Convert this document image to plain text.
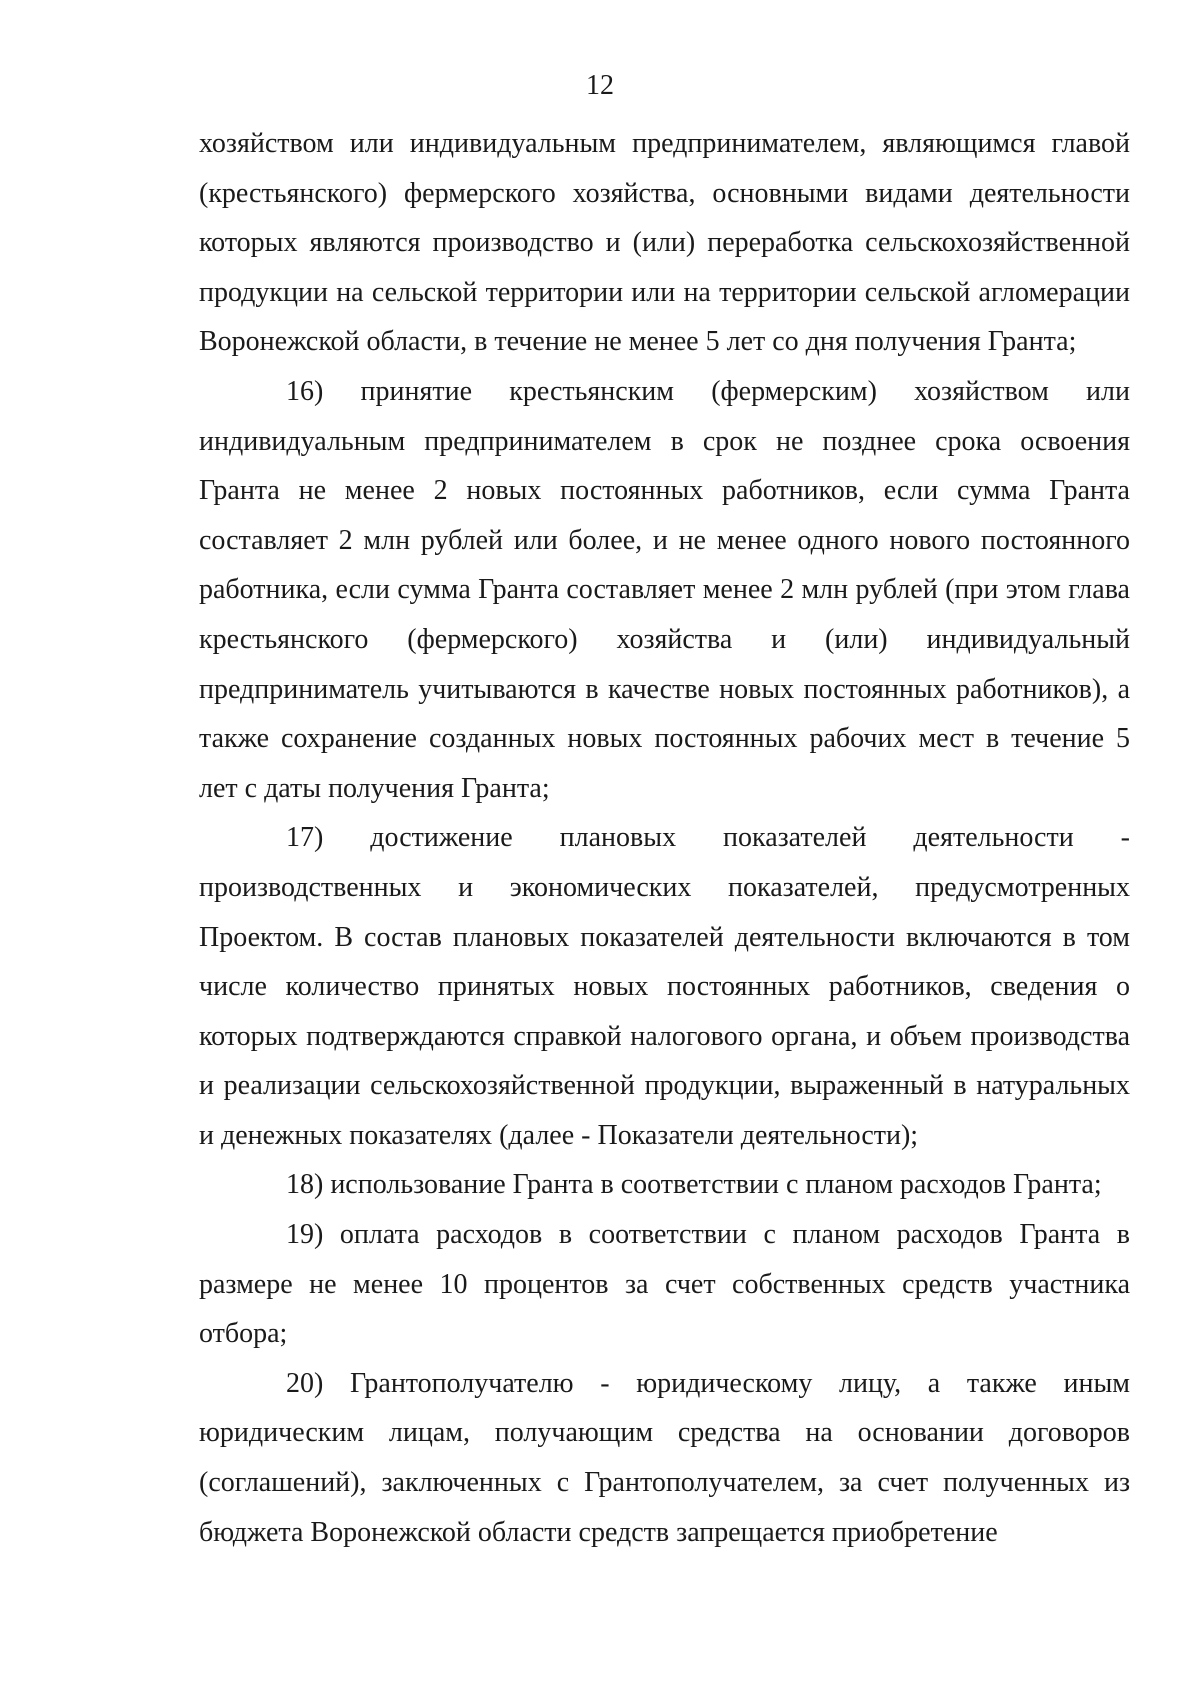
12

хозяйством или индивидуальным предпринимателем, являющимся главой (крестьянского) фермерского хозяйства, основными видами деятельности которых являются производство и (или) переработка сельскохозяйственной продукции на сельской территории или на территории сельской агломерации Воронежской области, в течение не менее 5 лет со дня получения Гранта;

16) принятие крестьянским (фермерским) хозяйством или индивидуальным предпринимателем в срок не позднее срока освоения Гранта не менее 2 новых постоянных работников, если сумма Гранта составляет 2 млн рублей или более, и не менее одного нового постоянного работника, если сумма Гранта составляет менее 2 млн рублей (при этом глава крестьянского (фермерского) хозяйства и (или) индивидуальный предприниматель учитываются в качестве новых постоянных работников), а также сохранение созданных новых постоянных рабочих мест в течение 5 лет с даты получения Гранта;

17) достижение плановых показателей деятельности - производственных и экономических показателей, предусмотренных Проектом. В состав плановых показателей деятельности включаются в том числе количество принятых новых постоянных работников, сведения о которых подтверждаются справкой налогового органа, и объем производства и реализации сельскохозяйственной продукции, выраженный в натуральных и денежных показателях (далее - Показатели деятельности);

18) использование Гранта в соответствии с планом расходов Гранта;

19) оплата расходов в соответствии с планом расходов Гранта в размере не менее 10 процентов за счет собственных средств участника отбора;

20) Грантополучателю - юридическому лицу, а также иным юридическим лицам, получающим средства на основании договоров (соглашений), заключенных с Грантополучателем, за счет полученных из бюджета Воронежской области средств запрещается приобретение
